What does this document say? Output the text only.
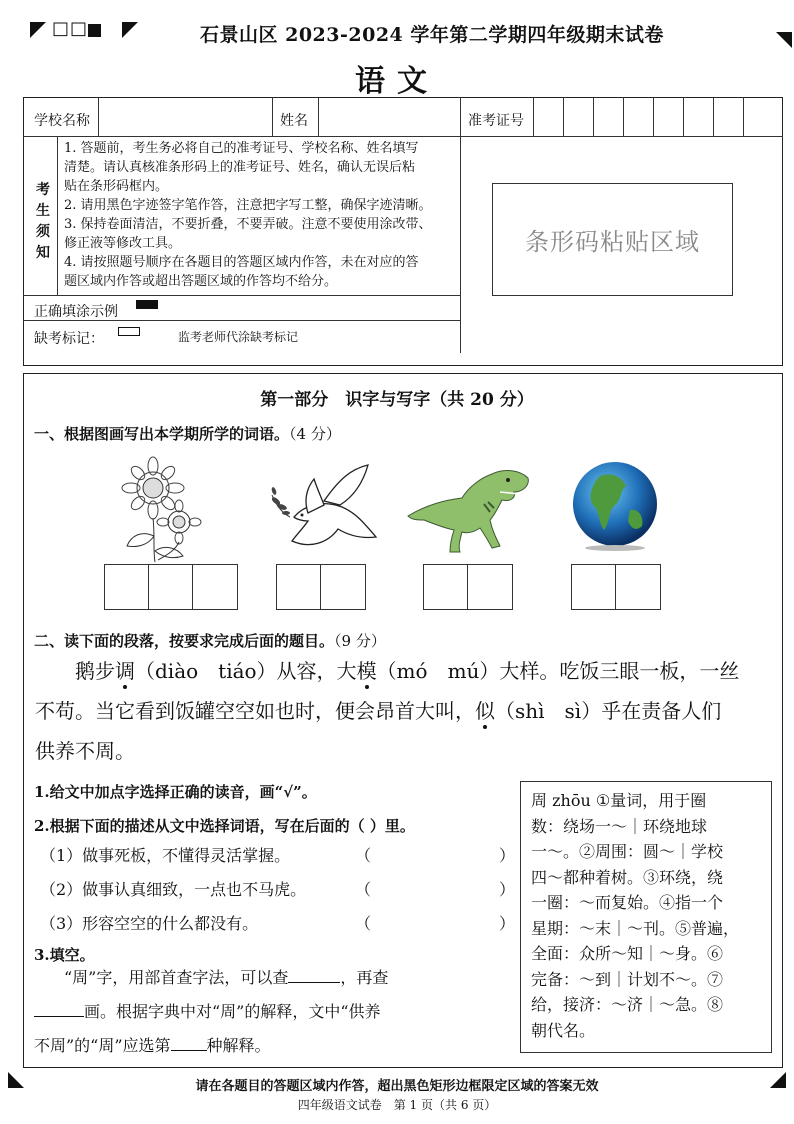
□□	石景山区 2023-2024 学年第二学期四年级期末试卷
语文
学校名称	姓名	准考证号
考
生
须
知
1. 答题前，考生务必将自己的准考证号、学校名称、姓名填写
清楚。请认真核准条形码上的准考证号、姓名，确认无误后粘
贴在条形码框内。
2. 请用黑色字迹签字笔作答，注意把字写工整，确保字迹清晰。
3. 保持卷面清洁，不要折叠，不要弄破。注意不要使用涂改带、
修正液等修改工具。
4. 请按照题号顺序在各题目的答题区域内作答，未在对应的答
题区域内作答或超出答题区域的作答均不给分。
正确填涂示例
缺考标记：	监考老师代涂缺考标记
条形码粘贴区域
第一部分　识字与写字（共 20 分）
一、根据图画写出本学期所学的词语。（4 分）
二、读下面的段落，按要求完成后面的题目。（9 分）
鹅步调（diào　tiáo）从容，大模（mó　mú）大样。吃饭三眼一板，一丝
不苟。当它看到饭罐空空如也时，便会昂首大叫，似（shì　sì）乎在责备人们
供养不周。
1.给文中加点字选择正确的读音，画“√”。
2.根据下面的描述从文中选择词语，写在后面的（ ）里。
（1）做事死板，不懂得灵活掌握。	（　　　　　　　　）
（2）做事认真细致，一点也不马虎。	（　　　　　　　　）
（3）形容空空的什么都没有。	（　　　　　　　　）
3.填空。
“周”字，用部首查字法，可以查	，再查
画。根据字典中对“周”的解释，文中“供养
不周”的“周”应选第 种解释。
周 zhōu ①量词，用于圈
数：绕场一～｜环绕地球
一～。②周围：圆～｜学校
四～都种着树。③环绕，绕
一圈：～而复始。④指一个
星期：～末｜～刊。⑤普遍，
全面：众所～知｜～身。⑥
完备：～到｜计划不～。⑦
给，接济：～济｜～急。⑧
朝代名。
请在各题目的答题区域内作答，超出黑色矩形边框限定区域的答案无效
四年级语文试卷　第 1 页（共 6 页）
